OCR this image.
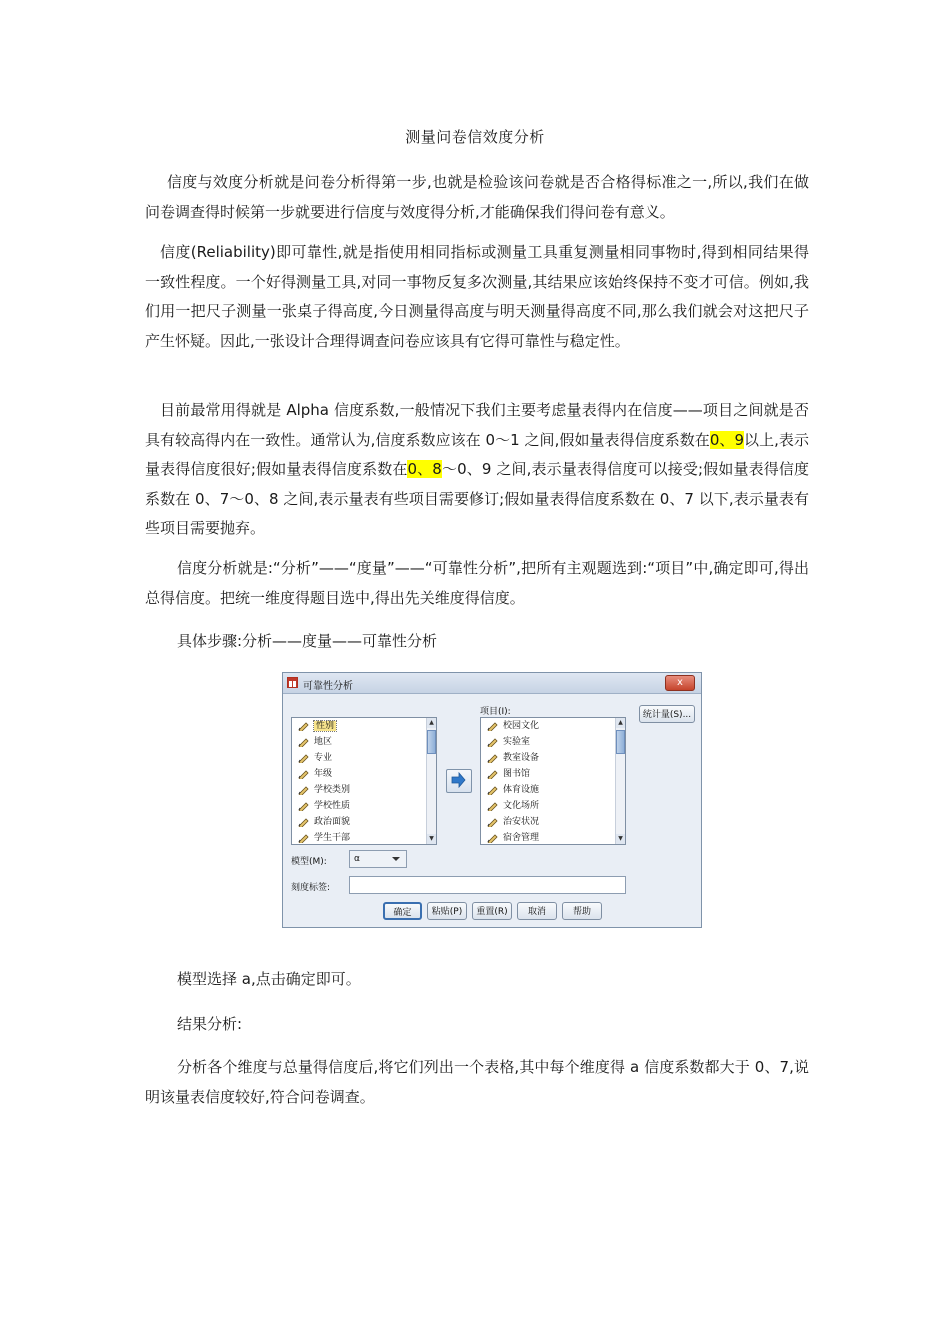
测量问卷信效度分析

信度与效度分析就是问卷分析得第一步,也就是检验该问卷就是否合格得标准之一,所以,我们在做问卷调查得时候第一步就要进行信度与效度得分析,才能确保我们得问卷有意义。

信度(Reliability)即可靠性,就是指使用相同指标或测量工具重复测量相同事物时,得到相同结果得一致性程度。一个好得测量工具,对同一事物反复多次测量,其结果应该始终保持不变才可信。例如,我们用一把尺子测量一张桌子得高度,今日测量得高度与明天测量得高度不同,那么我们就会对这把尺子产生怀疑。因此,一张设计合理得调查问卷应该具有它得可靠性与稳定性。

目前最常用得就是 Alpha 信度系数,一般情况下我们主要考虑量表得内在信度——项目之间就是否具有较高得内在一致性。通常认为,信度系数应该在 0～1 之间,假如量表得信度系数在0、9以上,表示量表得信度很好;假如量表得信度系数在0、8～0、9 之间,表示量表得信度可以接受;假如量表得信度系数在 0、7～0、8 之间,表示量表有些项目需要修订;假如量表得信度系数在 0、7 以下,表示量表有些项目需要抛弃。

信度分析就是:“分析”——“度量”——“可靠性分析”,把所有主观题选到:“项目”中,确定即可,得出总得信度。把统一维度得题目选中,得出先关维度得信度。

具体步骤:分析——度量——可靠性分析

可靠性分析	x
性别
地区
专业
年级
学校类别
学校性质
政治面貌
学生干部
▲
▼
项目(I):
校园文化
实验室
教室设备
图书馆
体育设施
文化场所
治安状况
宿舍管理
▲
▼
统计量(S)...
模型(M):	α
刻度标签:
确定	粘贴(P)	重置(R)	取消	帮助

模型选择 a,点击确定即可。

结果分析:

分析各个维度与总量得信度后,将它们列出一个表格,其中每个维度得 a 信度系数都大于 0、7,说明该量表信度较好,符合问卷调查。
